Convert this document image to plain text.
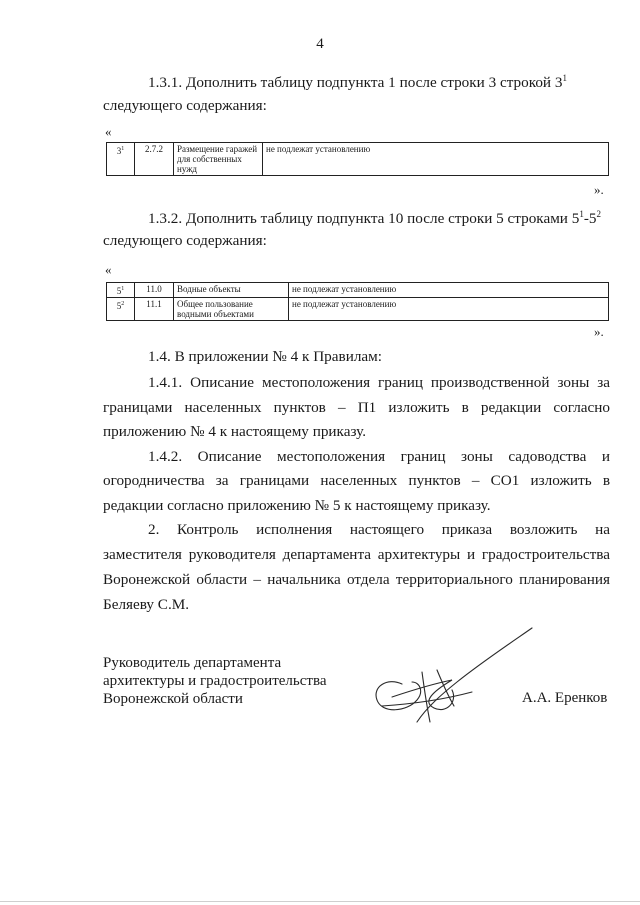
4
1.3.1. Дополнить таблицу подпункта 1 после строки 3 строкой $3^1$
следующего содержания:
«
$3^1$	2.7.2	Размещение гаражей для собственных нужд	не подлежат установлению
».
1.3.2. Дополнить таблицу подпункта 10 после строки 5 строками $5^1-5^2$
следующего содержания:
«
$5^1$	11.0	Водные объекты	не подлежат установлению
$5^2$	11.1	Общее пользование водными объектами	не подлежат установлению
».
1.4. В приложении № 4 к Правилам:
1.4.1. Описание местоположения границ производственной зоны за
границами населенных пунктов – П1 изложить в редакции согласно
приложению № 4 к настоящему приказу.
1.4.2. Описание местоположения границ зоны садоводства и
огородничества за границами населенных пунктов – СО1 изложить в
редакции согласно приложению № 5 к настоящему приказу.
2. Контроль исполнения настоящего приказа возложить на
заместителя руководителя департамента архитектуры и градостроительства
Воронежской области – начальника отдела территориального планирования
Беляеву С.М.
Руководитель департамента
архитектуры и градостроительства
Воронежской области	А.А. Еренков
